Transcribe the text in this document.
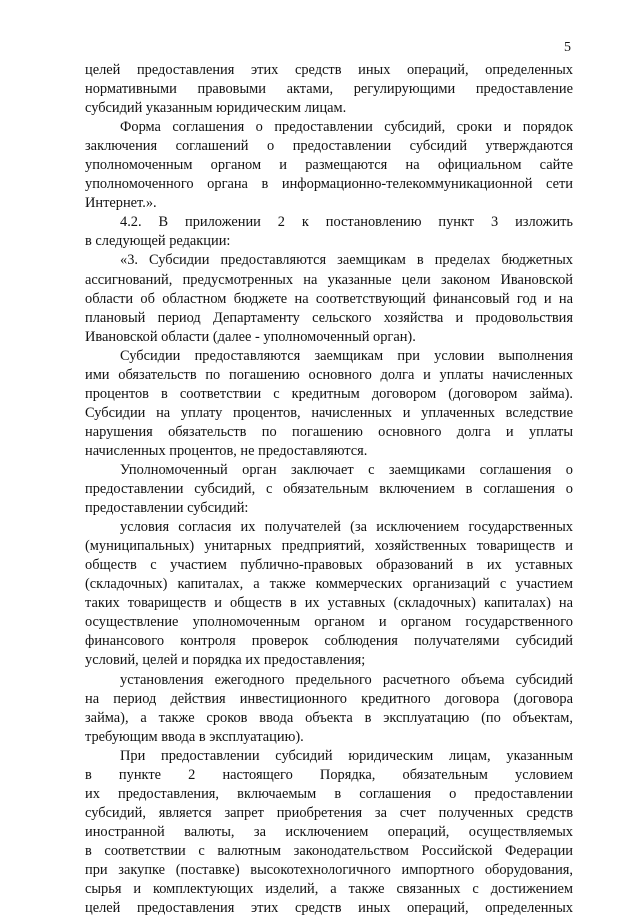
5
целей предоставления этих средств иных операций, определенных
нормативными правовыми актами, регулирующими предоставление
субсидий указанным юридическим лицам.
Форма соглашения о предоставлении субсидий, сроки и порядок
заключения соглашений о предоставлении субсидий утверждаются
уполномоченным органом и размещаются на официальном сайте
уполномоченного органа в информационно-телекоммуникационной сети
Интернет.».
4.2. В приложении 2 к постановлению пункт 3 изложить
в следующей редакции:
«3. Субсидии предоставляются заемщикам в пределах бюджетных
ассигнований, предусмотренных на указанные цели законом Ивановской
области об областном бюджете на соответствующий финансовый год и на
плановый период Департаменту сельского хозяйства и продовольствия
Ивановской области (далее - уполномоченный орган).
Субсидии предоставляются заемщикам при условии выполнения
ими обязательств по погашению основного долга и уплаты начисленных
процентов в соответствии с кредитным договором (договором займа).
Субсидии на уплату процентов, начисленных и уплаченных вследствие
нарушения обязательств по погашению основного долга и уплаты
начисленных процентов, не предоставляются.
Уполномоченный орган заключает с заемщиками соглашения о
предоставлении субсидий, с обязательным включением в соглашения о
предоставлении субсидий:
условия согласия их получателей (за исключением государственных
(муниципальных) унитарных предприятий, хозяйственных товариществ и
обществ с участием публично-правовых образований в их уставных
(складочных) капиталах, а также коммерческих организаций с участием
таких товариществ и обществ в их уставных (складочных) капиталах) на
осуществление уполномоченным органом и органом государственного
финансового контроля проверок соблюдения получателями субсидий
условий, целей и порядка их предоставления;
установления ежегодного предельного расчетного объема субсидий
на период действия инвестиционного кредитного договора (договора
займа), а также сроков ввода объекта в эксплуатацию (по объектам,
требующим ввода в эксплуатацию).
При предоставлении субсидий юридическим лицам, указанным
в пункте 2 настоящего Порядка, обязательным условием
их предоставления, включаемым в соглашения о предоставлении
субсидий, является запрет приобретения за счет полученных средств
иностранной валюты, за исключением операций, осуществляемых
в соответствии с валютным законодательством Российской Федерации
при закупке (поставке) высокотехнологичного импортного оборудования,
сырья и комплектующих изделий, а также связанных с достижением
целей предоставления этих средств иных операций, определенных
